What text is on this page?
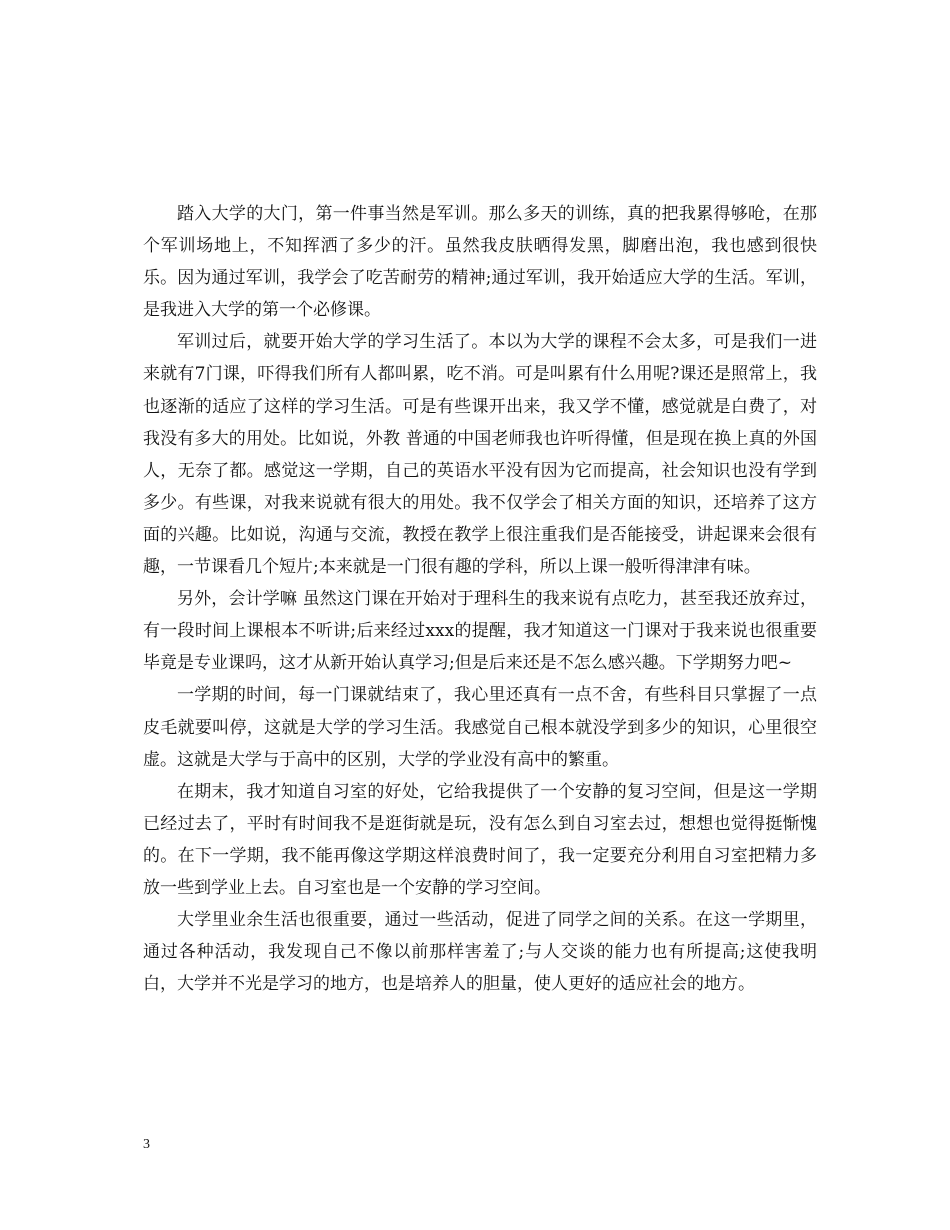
踏入大学的大门，第一件事当然是军训。那么多天的训练，真的把我累得够呛，在那个军训场地上，不知挥洒了多少的汗。虽然我皮肤晒得发黑，脚磨出泡，我也感到很快乐。因为通过军训，我学会了吃苦耐劳的精神;通过军训，我开始适应大学的生活。军训，是我进入大学的第一个必修课。

军训过后，就要开始大学的学习生活了。本以为大学的课程不会太多，可是我们一进来就有7门课，吓得我们所有人都叫累，吃不消。可是叫累有什么用呢?课还是照常上，我也逐渐的适应了这样的学习生活。可是有些课开出来，我又学不懂，感觉就是白费了，对我没有多大的用处。比如说，外教 普通的中国老师我也许听得懂，但是现在换上真的外国人，无奈了都。感觉这一学期，自己的英语水平没有因为它而提高，社会知识也没有学到多少。有些课，对我来说就有很大的用处。我不仅学会了相关方面的知识，还培养了这方面的兴趣。比如说，沟通与交流，教授在教学上很注重我们是否能接受，讲起课来会很有趣，一节课看几个短片;本来就是一门很有趣的学科，所以上课一般听得津津有味。

另外，会计学嘛 虽然这门课在开始对于理科生的我来说有点吃力，甚至我还放弃过，有一段时间上课根本不听讲;后来经过xxx的提醒，我才知道这一门课对于我来说也很重要 毕竟是专业课吗，这才从新开始认真学习;但是后来还是不怎么感兴趣。下学期努力吧~

一学期的时间，每一门课就结束了，我心里还真有一点不舍，有些科目只掌握了一点皮毛就要叫停，这就是大学的学习生活。我感觉自己根本就没学到多少的知识，心里很空虚。这就是大学与于高中的区别，大学的学业没有高中的繁重。

在期末，我才知道自习室的好处，它给我提供了一个安静的复习空间，但是这一学期已经过去了，平时有时间我不是逛街就是玩，没有怎么到自习室去过，想想也觉得挺惭愧的。在下一学期，我不能再像这学期这样浪费时间了，我一定要充分利用自习室把精力多放一些到学业上去。自习室也是一个安静的学习空间。

大学里业余生活也很重要，通过一些活动，促进了同学之间的关系。在这一学期里，通过各种活动，我发现自己不像以前那样害羞了;与人交谈的能力也有所提高;这使我明白，大学并不光是学习的地方，也是培养人的胆量，使人更好的适应社会的地方。

3
